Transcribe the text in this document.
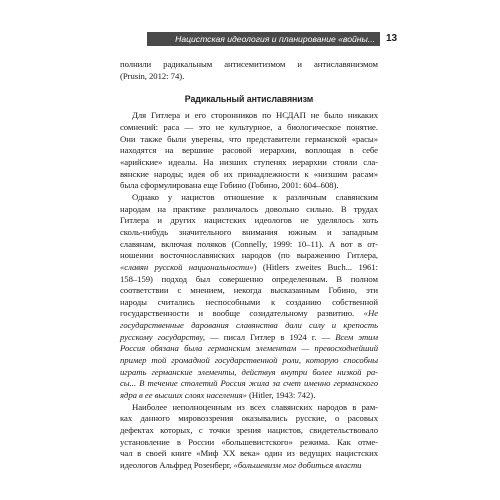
Нацистская идеология и планирование «войны...	13

полнили радикальным антисемитизмом и антиславянизмом

(Prusin, 2012: 74).

Радикальный антиславянизм

Для Гитлера и его сторонников по НСДАП не было никаких

сомнений: раса — это не культурное, а биологическое понятие.

Они также были уверены, что представители германской «расы»

находятся на вершине расовой иерархии, воплощая в себе

«арийские» идеалы. На низших ступенях иерархии стояли сла-

вянские народы; идея об их принадлежности к «низшим расам»

была сформулирована еще Гобино (Гобино, 2001: 604–608).

Однако у нацистов отношение к различным славянским

народам на практике различалось довольно сильно. В трудах

Гитлера и других нацистских идеологов не уделялось хоть

сколь-нибудь значительного внимания южным и западным

славянам, включая поляков (Connelly, 1999: 10–11). А вот в от-

ношении восточнославянских народов (по выражению Гитлера,

«славян русской национальности») (Hitlers zweites Buch... 1961:

158–159) подход был совершенно определенным. В полном

соответствии с мнением, некогда высказанным Гобино, эти

народы считались неспособными к созданию собственной

государственности и вообще созидательному развитию. «Не

государственные дарования славянства дали силу и крепость

русскому государству, — писал Гитлер в 1924 г. — Всем этим

Россия обязана была германским элементам — превосходнейший

пример той громадной государственной роли, которую способны

играть германские элементы, действуя внутри более низкой ра-

сы... В течение столетий Россия жила за счет именно германского

ядра в ее высших слоях населения» (Hitler, 1943: 742).

Наиболее неполноценным из всех славянских народов в рам-

ках данного мировоззрения оказывались русские, о расовых

дефектах которых, с точки зрения нацистов, свидетельствовало

установление в России «большевистского» режима. Как отме-

чал в своей книге «Миф XX века» один из ведущих нацистских

идеологов Альфред Розенберг, «большевизм мог добиться власти
